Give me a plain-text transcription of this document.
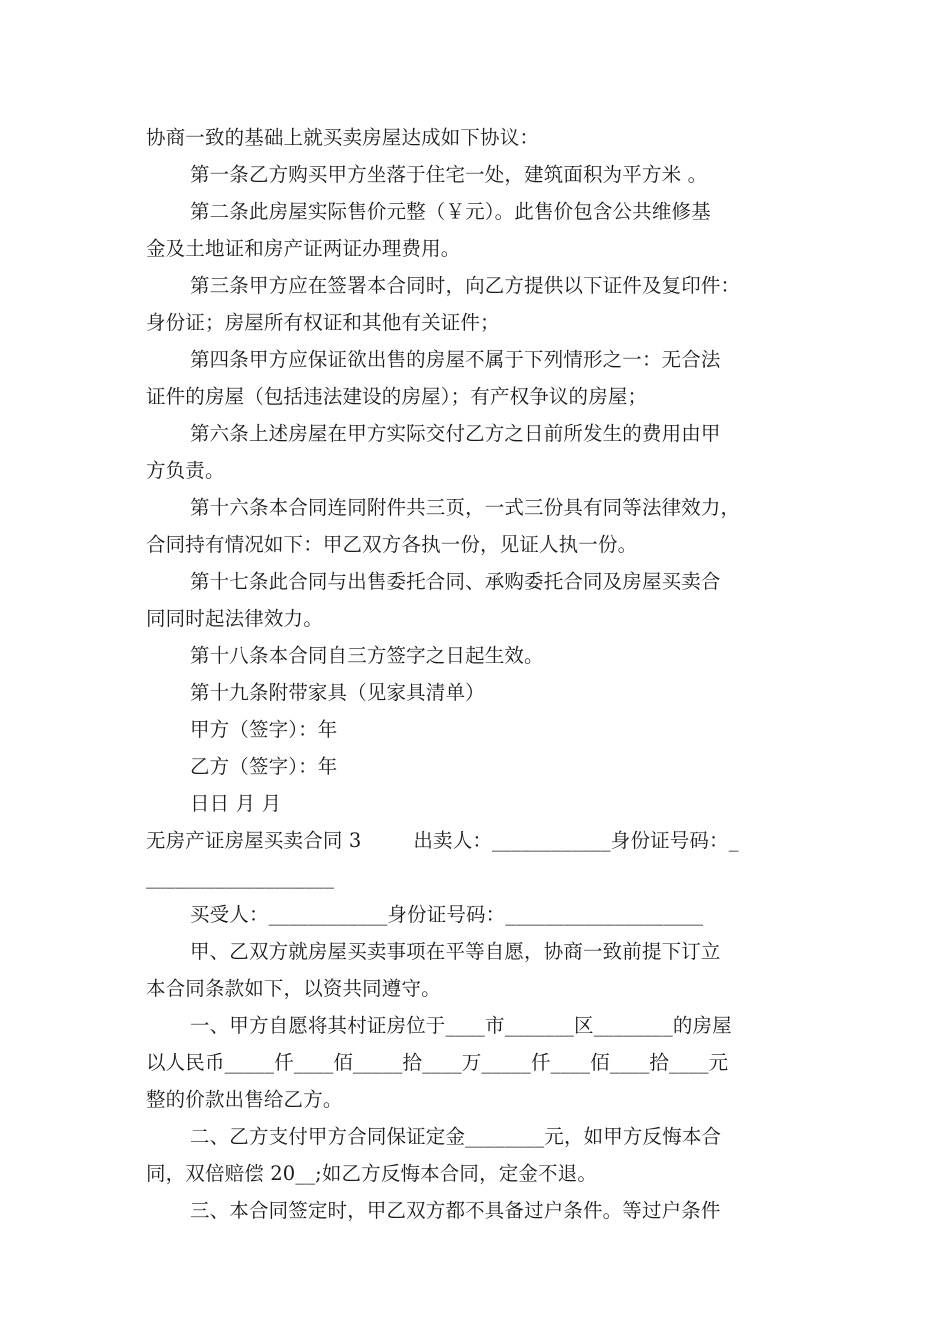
协商一致的基础上就买卖房屋达成如下协议：
第一条乙方购买甲方坐落于住宅一处，建筑面积为平方米 。
第二条此房屋实际售价元整（￥元）。此售价包含公共维修基
金及土地证和房产证两证办理费用。
第三条甲方应在签署本合同时，向乙方提供以下证件及复印件：
身份证；房屋所有权证和其他有关证件；
第四条甲方应保证欲出售的房屋不属于下列情形之一：无合法
证件的房屋（包括违法建设的房屋）；有产权争议的房屋；
第六条上述房屋在甲方实际交付乙方之日前所发生的费用由甲
方负责。
第十六条本合同连同附件共三页，一式三份具有同等法律效力，
合同持有情况如下：甲乙双方各执一份，见证人执一份。
第十七条此合同与出售委托合同、承购委托合同及房屋买卖合
同同时起法律效力。
第十八条本合同自三方签字之日起生效。
第十九条附带家具（见家具清单）
甲方（签字）：年
乙方（签字）：年
日日 月 月
无房产证房屋买卖合同 3	出卖人：____________身份证号码：_
___________________
买受人：____________身份证号码：____________________
甲、乙双方就房屋买卖事项在平等自愿，协商一致前提下订立
本合同条款如下，以资共同遵守。
一、甲方自愿将其村证房位于____市_______区________的房屋
以人民币_____仟____佰_____拾____万_____仟____佰____拾____元
整的价款出售给乙方。
二、乙方支付甲方合同保证定金________元，如甲方反悔本合
同，双倍赔偿 20__;如乙方反悔本合同，定金不退。
三、本合同签定时，甲乙双方都不具备过户条件。等过户条件
